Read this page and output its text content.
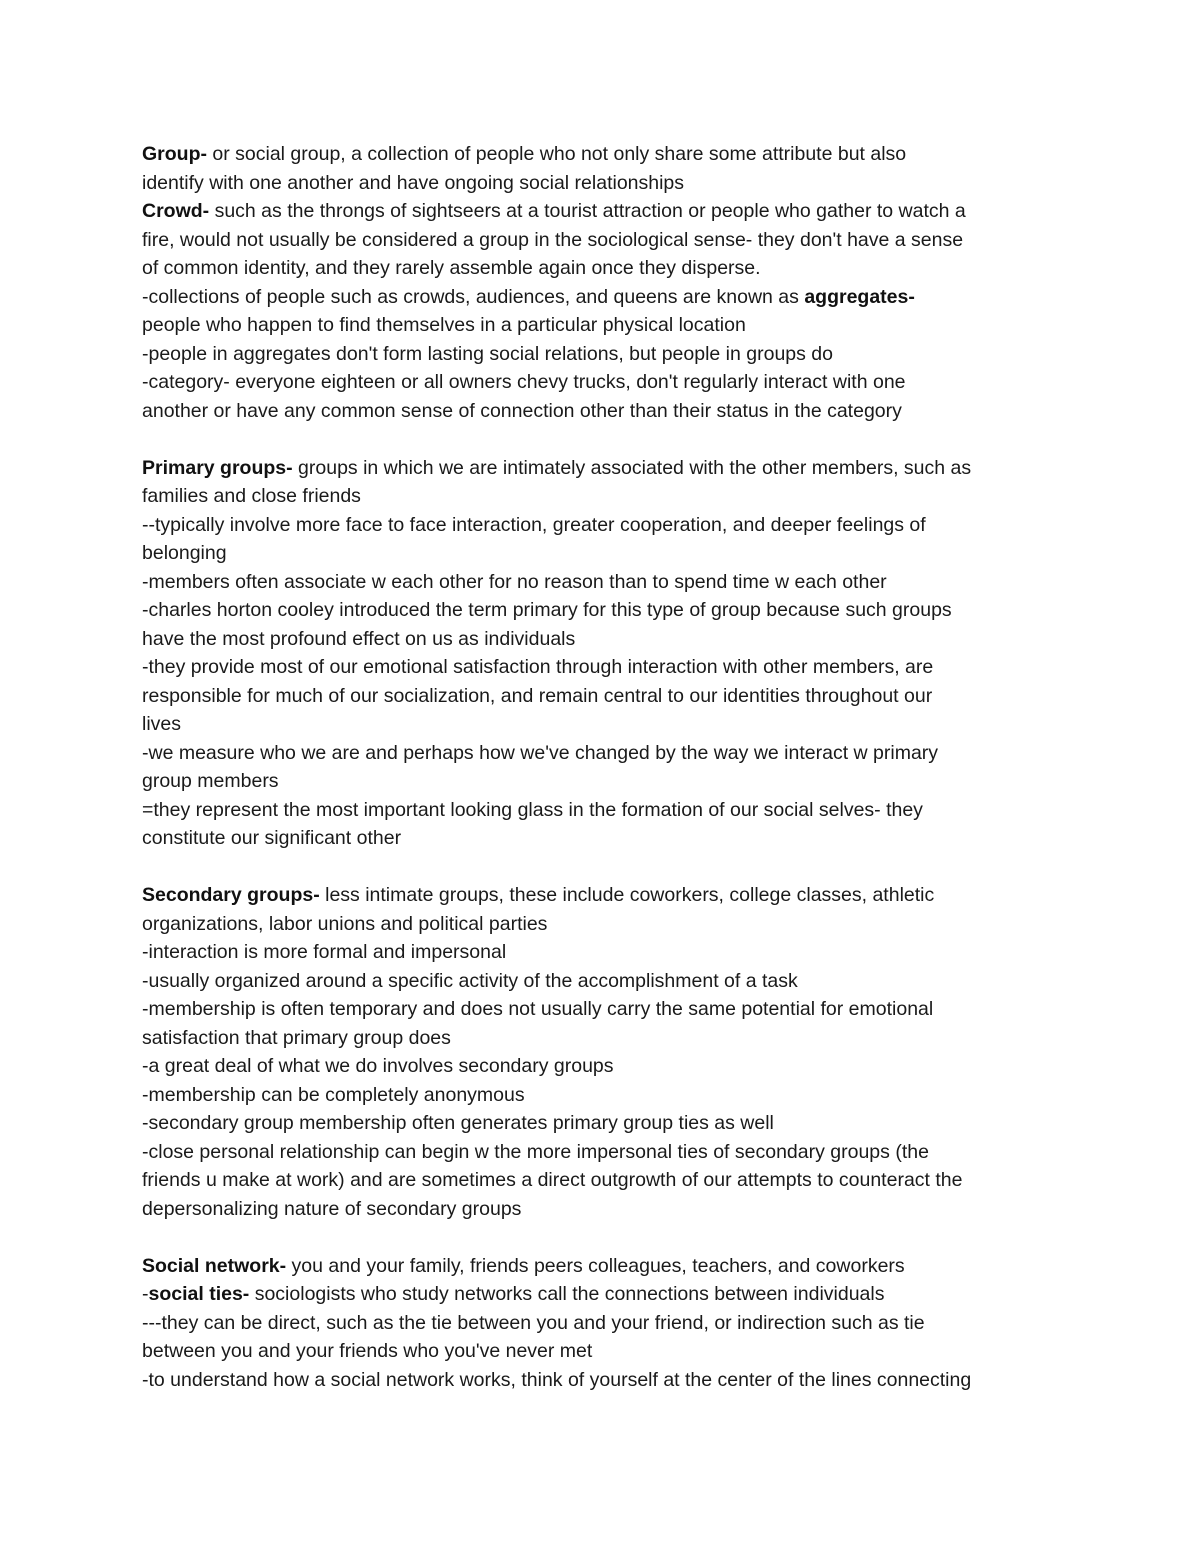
Group- or social group, a collection of people who not only share some attribute but also
identify with one another and have ongoing social relationships
Crowd- such as the throngs of sightseers at a tourist attraction or people who gather to watch a
fire, would not usually be considered a group in the sociological sense- they don't have a sense
of common identity, and they rarely assemble again once they disperse.
-collections of people such as crowds, audiences, and queens are known as aggregates-
people who happen to find themselves in a particular physical location
-people in aggregates don't form lasting social relations, but people in groups do
-category- everyone eighteen or all owners chevy trucks, don't regularly interact with one
another or have any common sense of connection other than their status in the category
Primary groups- groups in which we are intimately associated with the other members, such as
families and close friends
--typically involve more face to face interaction, greater cooperation, and deeper feelings of
belonging
-members often associate w each other for no reason than to spend time w each other
-charles horton cooley introduced the term primary for this type of group because such groups
have the most profound effect on us as individuals
-they provide most of our emotional satisfaction through interaction with other members, are
responsible for much of our socialization, and remain central to our identities throughout our
lives
-we measure who we are and perhaps how we've changed by the way we interact w primary
group members
=they represent the most important looking glass in the formation of our social selves- they
constitute our significant other
Secondary groups- less intimate groups, these include coworkers, college classes, athletic
organizations, labor unions and political parties
-interaction is more formal and impersonal
-usually organized around a specific activity of the accomplishment of a task
-membership is often temporary and does not usually carry the same potential for emotional
satisfaction that primary group does
-a great deal of what we do involves secondary groups
-membership can be completely anonymous
-secondary group membership often generates primary group ties as well
-close personal relationship can begin w the more impersonal ties of secondary groups (the
friends u make at work) and are sometimes a direct outgrowth of our attempts to counteract the
depersonalizing nature of secondary groups
Social network- you and your family, friends peers colleagues, teachers, and coworkers
-social ties- sociologists who study networks call the connections between individuals
---they can be direct, such as the tie between you and your friend, or indirection such as tie
between you and your friends who you've never met
-to understand how a social network works, think of yourself at the center of the lines connecting
